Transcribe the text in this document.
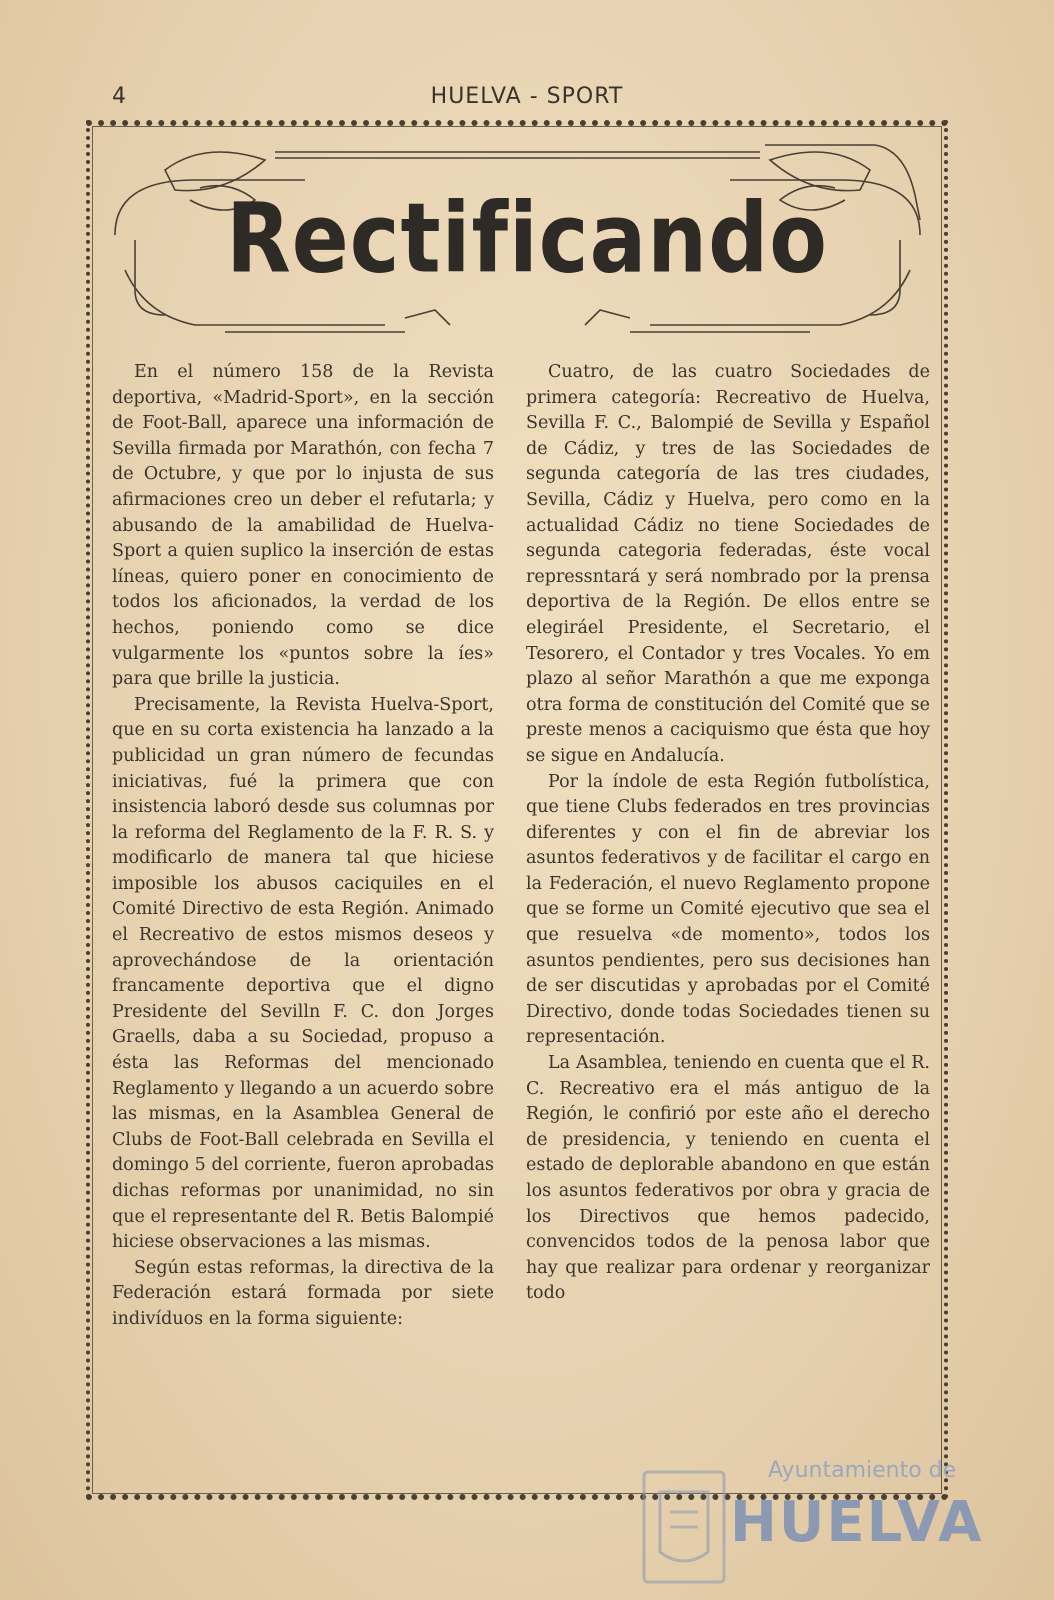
4	HUELVA - SPORT
Rectificando

En el número 158 de la Revista deportiva, «Madrid-Sport», en la sección de Foot-Ball, aparece una información de Sevilla firmada por Marathón, con fecha 7 de Octubre, y que por lo injusta de sus afirmaciones creo un deber el refutarla; y abusando de la amabilidad de Huelva-Sport a quien suplico la inserción de estas líneas, quiero poner en conocimiento de todos los aficionados, la verdad de los hechos, poniendo como se dice vulgarmente los «puntos sobre la íes» para que brille la justicia.

Precisamente, la Revista Huelva-Sport, que en su corta existencia ha lanzado a la publicidad un gran número de fecundas iniciativas, fué la primera que con insistencia laboró desde sus columnas por la reforma del Reglamento de la F. R. S. y modificarlo de manera tal que hiciese imposible los abusos caciquiles en el Comité Directivo de esta Región. Animado el Recreativo de estos mismos deseos y aprovechándose de la orientación francamente deportiva que el digno Presidente del Sevilln F. C. don Jorges Graells, daba a su Sociedad, propuso a ésta las Reformas del mencionado Reglamento y llegando a un acuerdo sobre las mismas, en la Asamblea General de Clubs de Foot-Ball celebrada en Sevilla el domingo 5 del corriente, fueron aprobadas dichas reformas por unanimidad, no sin que el representante del R. Betis Balompié hiciese observaciones a las mismas.

Según estas reformas, la directiva de la Federación estará formada por siete indivíduos en la forma siguiente:

Cuatro, de las cuatro Sociedades de primera categoría: Recreativo de Huelva, Sevilla F. C., Balompié de Sevilla y Español de Cádiz, y tres de las Sociedades de segunda categoría de las tres ciudades, Sevilla, Cádiz y Huelva, pero como en la actualidad Cádiz no tiene Sociedades de segunda categoria federadas, éste vocal repressntará y será nombrado por la prensa deportiva de la Región. De ellos entre se elegiráel Presidente, el Secretario, el Tesorero, el Contador y tres Vocales. Yo em plazo al señor Marathón a que me exponga otra forma de constitución del Comité que se preste menos a caciquismo que ésta que hoy se sigue en Andalucía.

Por la índole de esta Región futbolística, que tiene Clubs federados en tres provincias diferentes y con el fin de abreviar los asuntos federativos y de facilitar el cargo en la Federación, el nuevo Reglamento propone que se forme un Comité ejecutivo que sea el que resuelva «de momento», todos los asuntos pendientes, pero sus decisiones han de ser discutidas y aprobadas por el Comité Directivo, donde todas Sociedades tienen su representación.

La Asamblea, teniendo en cuenta que el R. C. Recreativo era el más antiguo de la Región, le confirió por este año el derecho de presidencia, y teniendo en cuenta el estado de deplorable abandono en que están los asuntos federativos por obra y gracia de los Directivos que hemos padecido, convencidos todos de la penosa labor que hay que realizar para ordenar y reorganizar todo

Ayuntamiento de
HUELVA
